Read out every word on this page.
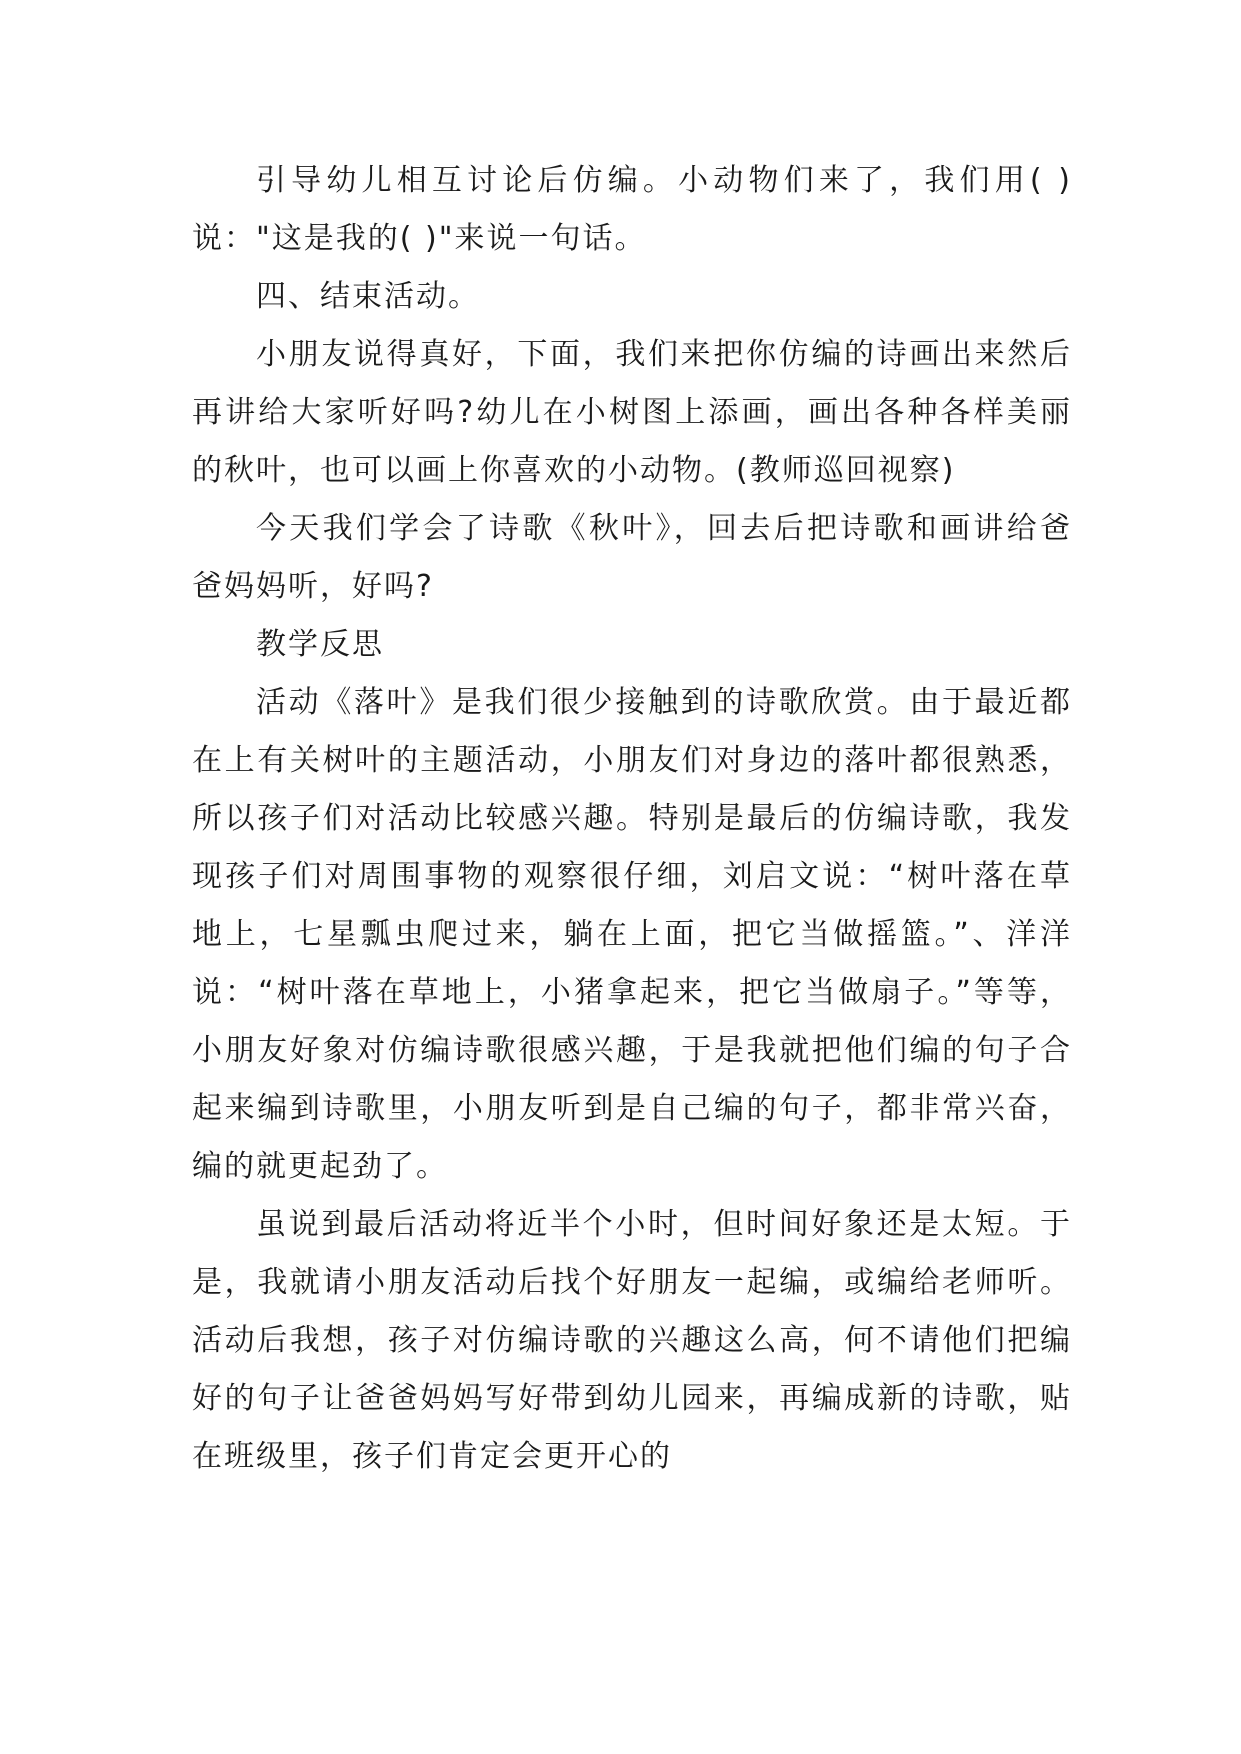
引导幼儿相互讨论后仿编。小动物们来了，我们用( )说："这是我的( )"来说一句话。

四、结束活动。

小朋友说得真好，下面，我们来把你仿编的诗画出来然后再讲给大家听好吗?幼儿在小树图上添画，画出各种各样美丽的秋叶，也可以画上你喜欢的小动物。(教师巡回视察)

今天我们学会了诗歌《秋叶》，回去后把诗歌和画讲给爸爸妈妈听，好吗?

教学反思

活动《落叶》是我们很少接触到的诗歌欣赏。由于最近都在上有关树叶的主题活动，小朋友们对身边的落叶都很熟悉，所以孩子们对活动比较感兴趣。特别是最后的仿编诗歌，我发现孩子们对周围事物的观察很仔细，刘启文说：“树叶落在草地上，七星瓢虫爬过来，躺在上面，把它当做摇篮。”、洋洋说：“树叶落在草地上，小猪拿起来，把它当做扇子。”等等，小朋友好象对仿编诗歌很感兴趣，于是我就把他们编的句子合起来编到诗歌里，小朋友听到是自己编的句子，都非常兴奋，编的就更起劲了。

虽说到最后活动将近半个小时，但时间好象还是太短。于是，我就请小朋友活动后找个好朋友一起编，或编给老师听。活动后我想，孩子对仿编诗歌的兴趣这么高，何不请他们把编好的句子让爸爸妈妈写好带到幼儿园来，再编成新的诗歌，贴在班级里，孩子们肯定会更开心的
